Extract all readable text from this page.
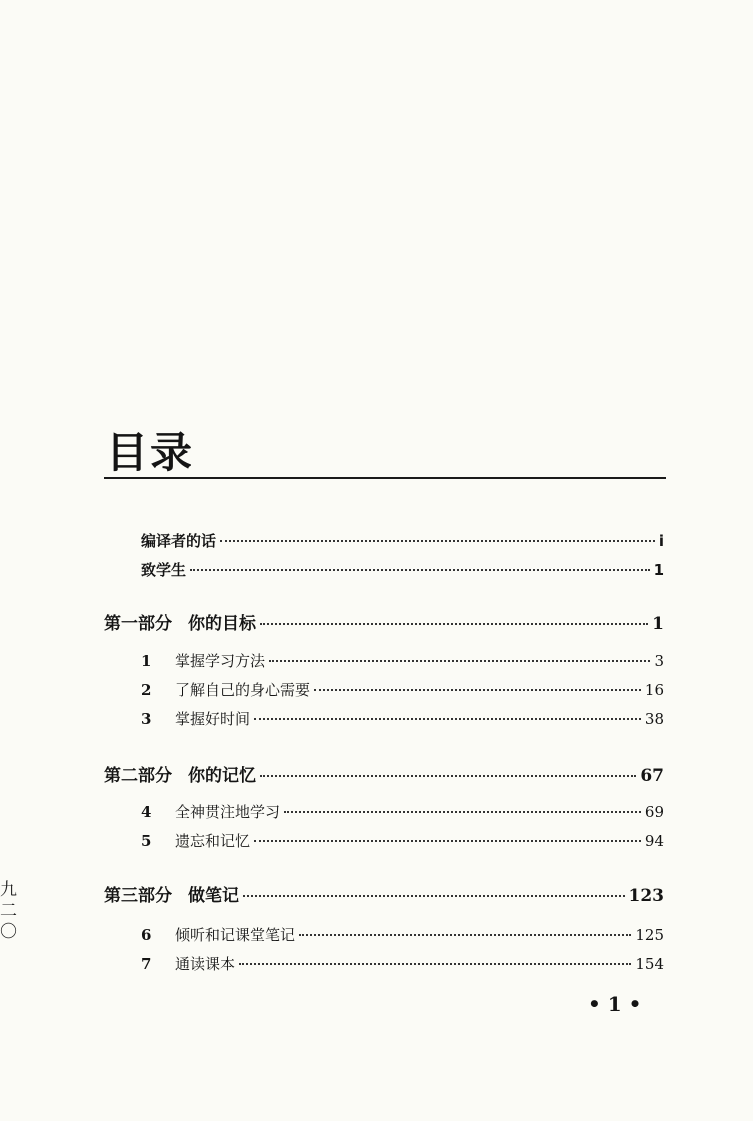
目录
编译者的话	i
致学生	1
第一部分 你的目标	1
1	掌握学习方法	3
2	了解自己的身心需要	16
3	掌握好时间	38
第二部分 你的记忆	67
4	全神贯注地学习	69
5	遗忘和记忆	94
第三部分 做笔记	123
6	倾听和记课堂笔记	125
7	通读课本	154
• 1 •
九二〇
